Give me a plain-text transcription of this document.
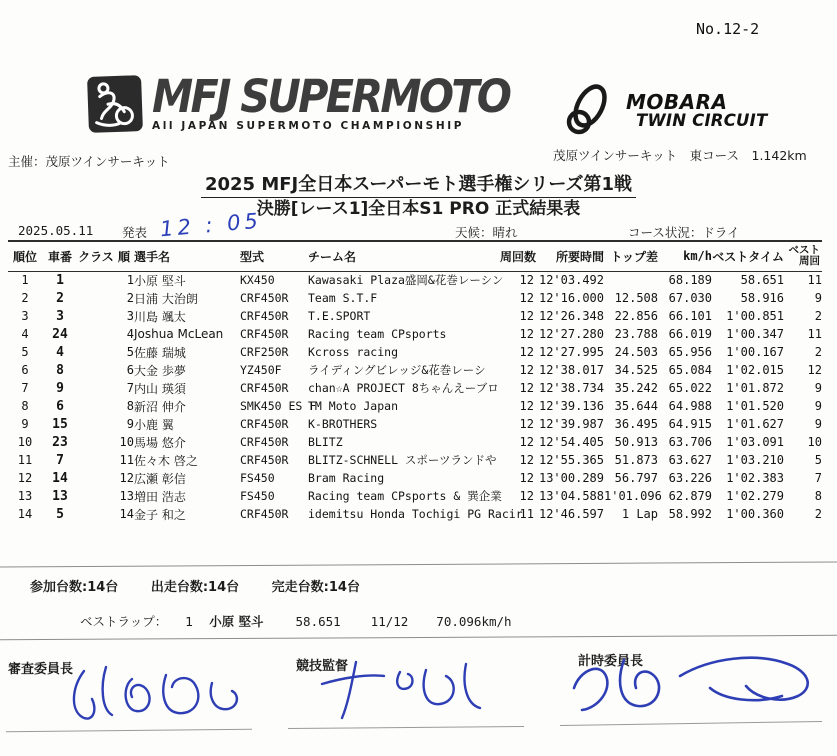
No.12-2
MFJ SUPERMOTO
All JAPAN SUPERMOTO CHAMPIONSHIP
MOBARA
TWIN CIRCUIT
主催：茂原ツインサーキット	茂原ツインサーキット　東コース　1.142km
2025 MFJ全日本スーパーモト選手権シリーズ第1戦
決勝[レース1]全日本S1 PRO 正式結果表
2025.05.11 発表 12 : 05	天候：晴れ	コース状況：ドライ
順位	車番	クラス	順	選手名	型式	チーム名	周回数	所要時間	トップ差	km/h	ベストタイム	ベスト
周回

1	1		1	小原 堅斗	KX450	Kawasaki Plaza盛岡&花巻レーシン	12	12'03.492		68.189	58.651	11
2	2		2	日浦 大治朗	CRF450R	Team S.T.F	12	12'16.000	12.508	67.030	58.916	9
3	3		3	川島 颯太	CRF450R	T.E.SPORT	12	12'26.348	22.856	66.101	1'00.851	2
4	24		4	Joshua McLean	CRF450R	Racing team CPsports	12	12'27.280	23.788	66.019	1'00.347	11
5	4		5	佐藤 瑞城	CRF250R	Kcross racing	12	12'27.995	24.503	65.956	1'00.167	2
6	8		6	大金 歩夢	YZ450F	ライディングビレッジ&花巻レーシ	12	12'38.017	34.525	65.084	1'02.015	12
7	9		7	内山 瑛須	CRF450R	chan☆A PROJECT 8ちゃんえーブロ	12	12'38.734	35.242	65.022	1'01.872	9
8	6		8	新沼 伸介	SMK450 ES F	TM Moto Japan	12	12'39.136	35.644	64.988	1'01.520	9
9	15		9	小鹿 翼	CRF450R	K-BROTHERS	12	12'39.987	36.495	64.915	1'01.627	9
10	23		10	馬場 悠介	CRF450R	BLITZ	12	12'54.405	50.913	63.706	1'03.091	10
11	7		11	佐々木 啓之	CRF450R	BLITZ-SCHNELL スポーツランドや	12	12'55.365	51.873	63.627	1'03.210	5
12	14		12	広瀬 彰信	FS450	Bram Racing	12	13'00.289	56.797	63.226	1'02.383	7
13	13		13	増田 浩志	FS450	Racing team CPsports & 巽企業	12	13'04.588	1'01.096	62.879	1'02.279	8
14	5		14	金子 和之	CRF450R	idemitsu Honda Tochigi PG Racir	11	12'46.597	1 Lap	58.992	1'00.360	2
参加台数:14台	出走台数:14台	完走台数:14台
ベストラップ： 1 小原 堅斗	58.651 11/12 70.096km/h
審査委員長	競技監督	計時委員長
